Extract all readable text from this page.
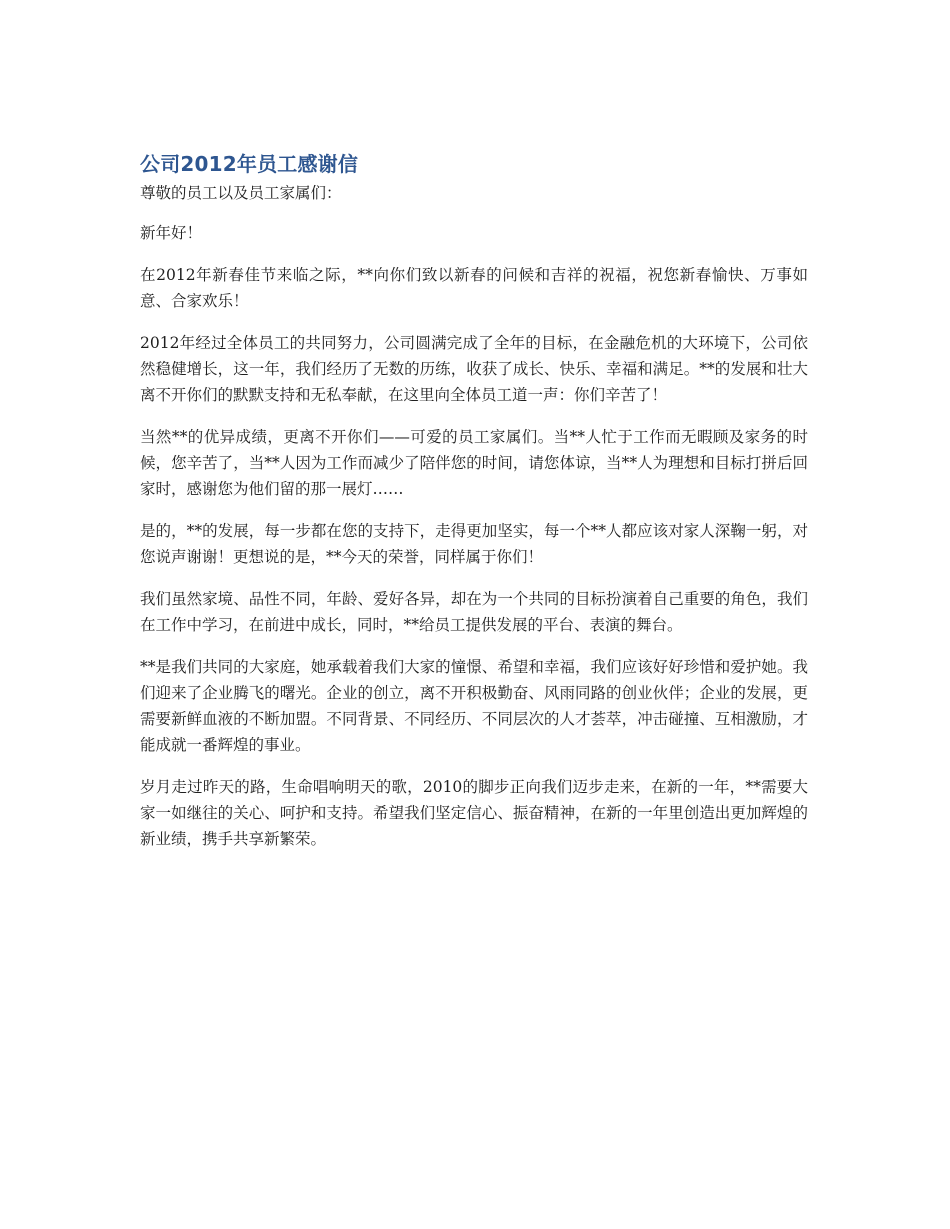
公司2012年员工感谢信

尊敬的员工以及员工家属们：

新年好！

在2012年新春佳节来临之际，**向你们致以新春的问候和吉祥的祝福，祝您新春愉快、万事如意、合家欢乐！

2012年经过全体员工的共同努力，公司圆满完成了全年的目标，在金融危机的大环境下，公司依然稳健增长，这一年，我们经历了无数的历练，收获了成长、快乐、幸福和满足。**的发展和壮大离不开你们的默默支持和无私奉献，在这里向全体员工道一声：你们辛苦了！

当然**的优异成绩，更离不开你们——可爱的员工家属们。当**人忙于工作而无暇顾及家务的时候，您辛苦了，当**人因为工作而减少了陪伴您的时间，请您体谅，当**人为理想和目标打拼后回家时，感谢您为他们留的那一展灯……

是的，**的发展，每一步都在您的支持下，走得更加坚实，每一个**人都应该对家人深鞠一躬，对您说声谢谢！更想说的是，**今天的荣誉，同样属于你们！

我们虽然家境、品性不同，年龄、爱好各异，却在为一个共同的目标扮演着自己重要的角色，我们在工作中学习，在前进中成长，同时，**给员工提供发展的平台、表演的舞台。

**是我们共同的大家庭，她承载着我们大家的憧憬、希望和幸福，我们应该好好珍惜和爱护她。我们迎来了企业腾飞的曙光。企业的创立，离不开积极勤奋、风雨同路的创业伙伴；企业的发展，更需要新鲜血液的不断加盟。不同背景、不同经历、不同层次的人才荟萃，冲击碰撞、互相激励，才能成就一番辉煌的事业。

岁月走过昨天的路，生命唱响明天的歌，2010的脚步正向我们迈步走来，在新的一年，**需要大家一如继往的关心、呵护和支持。希望我们坚定信心、振奋精神，在新的一年里创造出更加辉煌的新业绩，携手共享新繁荣。
